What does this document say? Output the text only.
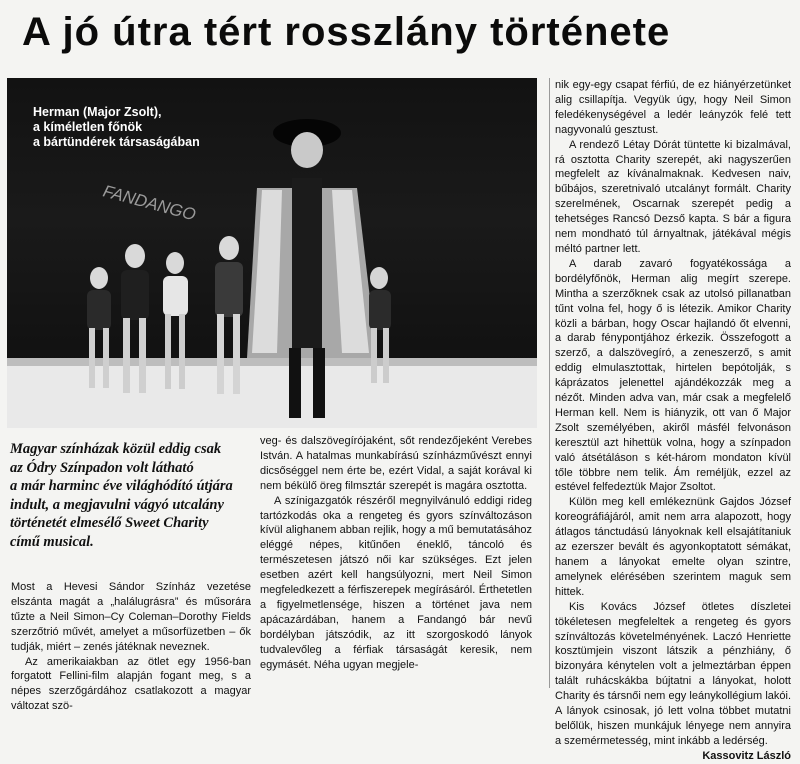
A jó útra tért rosszlány története
FANDANGO
Herman (Major Zsolt),
a kíméletlen főnök
a bártündérek társaságában
Magyar színházak közül eddig csak
az Ódry Színpadon volt látható
a már harminc éve világhódító útjára
indult, a megjavulni vágyó utcalány
történetét elmesélő Sweet Charity
című musical.

Most a Hevesi Sándor Színház vezetése elszánta magát a „halálugrásra” és műsorára tűzte a Neil Simon–Cy Coleman–Dorothy Fields szerzőtrió művét, amelyet a műsorfüzetben – ők tudják, miért – zenés játéknak neveznek.

Az amerikaiakban az ötlet egy 1956-ban forgatott Fellini-film alapján fogant meg, s a népes szerzőgárdához csatlakozott a magyar változat szö-

veg- és dalszövegírójaként, sőt rendezőjeként Verebes István. A hatalmas munkabírású színházművészt ennyi dicsőséggel nem érte be, ezért Vidal, a saját korával ki nem békülő öreg filmsztár szerepét is magára osztotta.

A színigazgatók részéről megnyilvánuló eddigi rideg tartózkodás oka a rengeteg és gyors színváltozáson kívül alighanem abban rejlik, hogy a mű bemutatásához eléggé népes, kitűnően éneklő, táncoló és természetesen játszó női kar szükséges. Ezt jelen esetben azért kell hangsúlyozni, mert Neil Simon megfeledkezett a férfiszerepek megírásáról. Érthetetlen a figyelmetlensége, hiszen a történet java nem apácazárdában, hanem a Fandangó bár nevű bordélyban játszódik, az itt szorgoskodó lányok tudvalevőleg a férfiak társaságát keresik, nem egymásét. Néha ugyan megjele-

nik egy-egy csapat férfiú, de ez hiányérzetünket alig csillapítja. Vegyük úgy, hogy Neil Simon feledékenységével a ledér leányzók felé tett nagyvonalú gesztust.

A rendező Létay Dórát tüntette ki bizalmával, rá osztotta Charity szerepét, aki nagyszerűen megfelelt az kívánalmaknak. Kedvesen naiv, bűbájos, szeretnivaló utcalányt formált. Charity szerelmének, Oscarnak szerepét pedig a tehetséges Rancsó Dezső kapta. S bár a figura nem mondható túl árnyaltnak, játékával mégis méltó partner lett.

A darab zavaró fogyatékossága a bordélyfőnök, Herman alig megírt szerepe. Mintha a szerzőknek csak az utolsó pillanatban tűnt volna fel, hogy ő is létezik. Amikor Charity közli a bárban, hogy Oscar hajlandó őt elvenni, a darab fénypontjához érkezik. Összefogott a szerző, a dalszövegíró, a zeneszerző, s amit eddig elmulasztottak, hirtelen bepótolják, s káprázatos jelenettel ajándékozzák meg a nézőt. Minden adva van, már csak a megfelelő Herman kell. Nem is hiányzik, ott van ő Major Zsolt személyében, akiről másfél felvonáson keresztül azt hihettük volna, hogy a színpadon való átsétáláson s két-három mondaton kívül tőle többre nem telik. Ám reméljük, ezzel az estével felfedeztük Major Zsoltot.

Külön meg kell emlékeznünk Gajdos József koreográfiájáról, amit nem arra alapozott, hogy átlagos tánctudású lányoknak kell elsajátítaniuk az ezerszer bevált és agyonkoptatott sémákat, hanem a lányokat emelte olyan szintre, amelynek elérésében szerintem maguk sem hittek.

Kis Kovács József ötletes díszletei tökéletesen megfeleltek a rengeteg és gyors színváltozás követelményének. Laczó Henriette kosztümjein viszont látszik a pénzhiány, ő bizonyára kénytelen volt a jelmeztárban éppen talált ruhácskákba bújtatni a lányokat, holott Charity és társnői nem egy leánykollégium lakói. A lányok csinosak, jó lett volna többet mutatni belőlük, hiszen munkájuk lényege nem annyira a szemérmetesség, mint inkább a ledérség.

Kassovitz László
